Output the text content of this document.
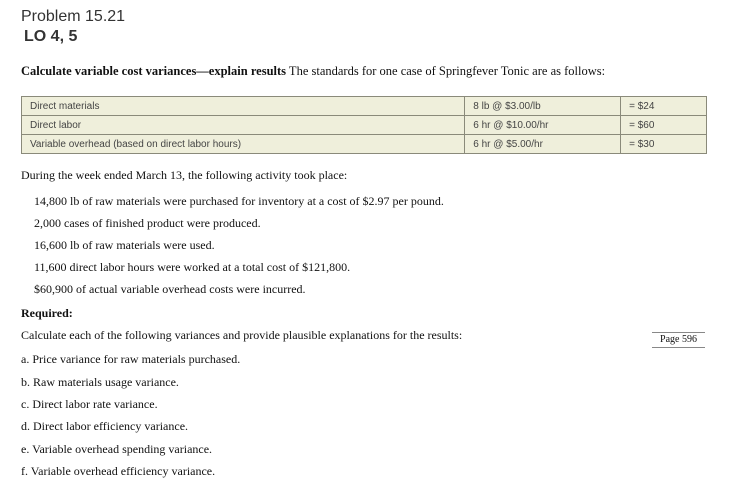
Problem 15.21
LO 4, 5
Calculate variable cost variances—explain results The standards for one case of Springfever Tonic are as follows:
Direct materials	8 lb @ $3.00/lb	= $24
Direct labor	6 hr @ $10.00/hr	= $60
Variable overhead (based on direct labor hours)	6 hr @ $5.00/hr	= $30
During the week ended March 13, the following activity took place:
14,800 lb of raw materials were purchased for inventory at a cost of $2.97 per pound.
2,000 cases of finished product were produced.
16,600 lb of raw materials were used.
11,600 direct labor hours were worked at a total cost of $121,800.
$60,900 of actual variable overhead costs were incurred.
Required:
Calculate each of the following variances and provide plausible explanations for the results:	Page 596
a. Price variance for raw materials purchased.
b. Raw materials usage variance.
c. Direct labor rate variance.
d. Direct labor efficiency variance.
e. Variable overhead spending variance.
f. Variable overhead efficiency variance.
